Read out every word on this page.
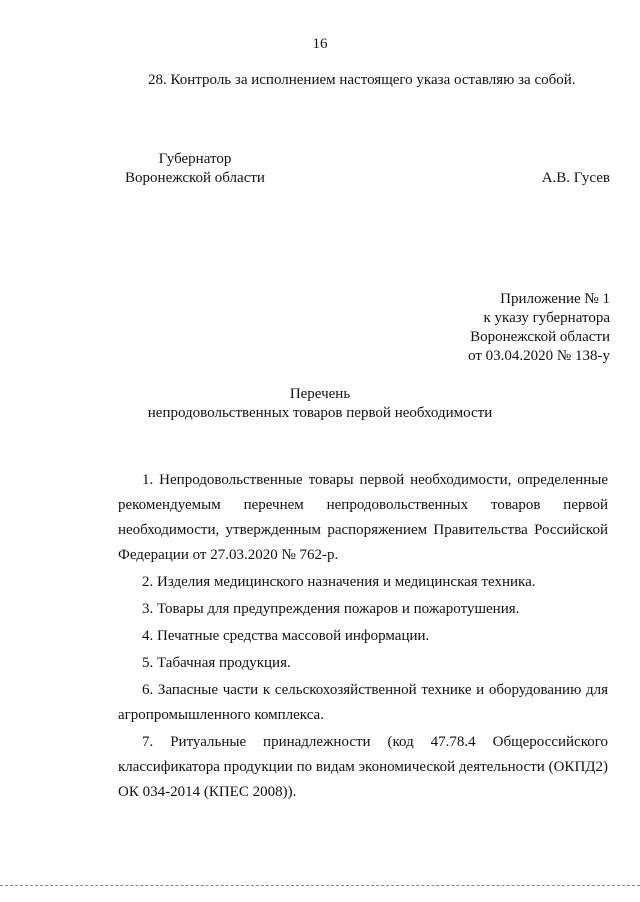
16
28. Контроль за исполнением настоящего указа оставляю за собой.
Губернатор
Воронежской области	А.В. Гусев
Приложение № 1
к указу губернатора
Воронежской области
от 03.04.2020 № 138-у
Перечень
непродовольственных товаров первой необходимости
1. Непродовольственные товары первой необходимости, определенные
рекомендуемым перечнем непродовольственных товаров первой
необходимости, утвержденным распоряжением Правительства Российской
Федерации от 27.03.2020 № 762-р.
2. Изделия медицинского назначения и медицинская техника.
3. Товары для предупреждения пожаров и пожаротушения.
4. Печатные средства массовой информации.
5. Табачная продукция.
6. Запасные части к сельскохозяйственной технике и оборудованию для
агропромышленного комплекса.
7. Ритуальные принадлежности (код 47.78.4 Общероссийского
классификатора продукции по видам экономической деятельности (ОКПД2)
ОК 034-2014 (КПЕС 2008)).
